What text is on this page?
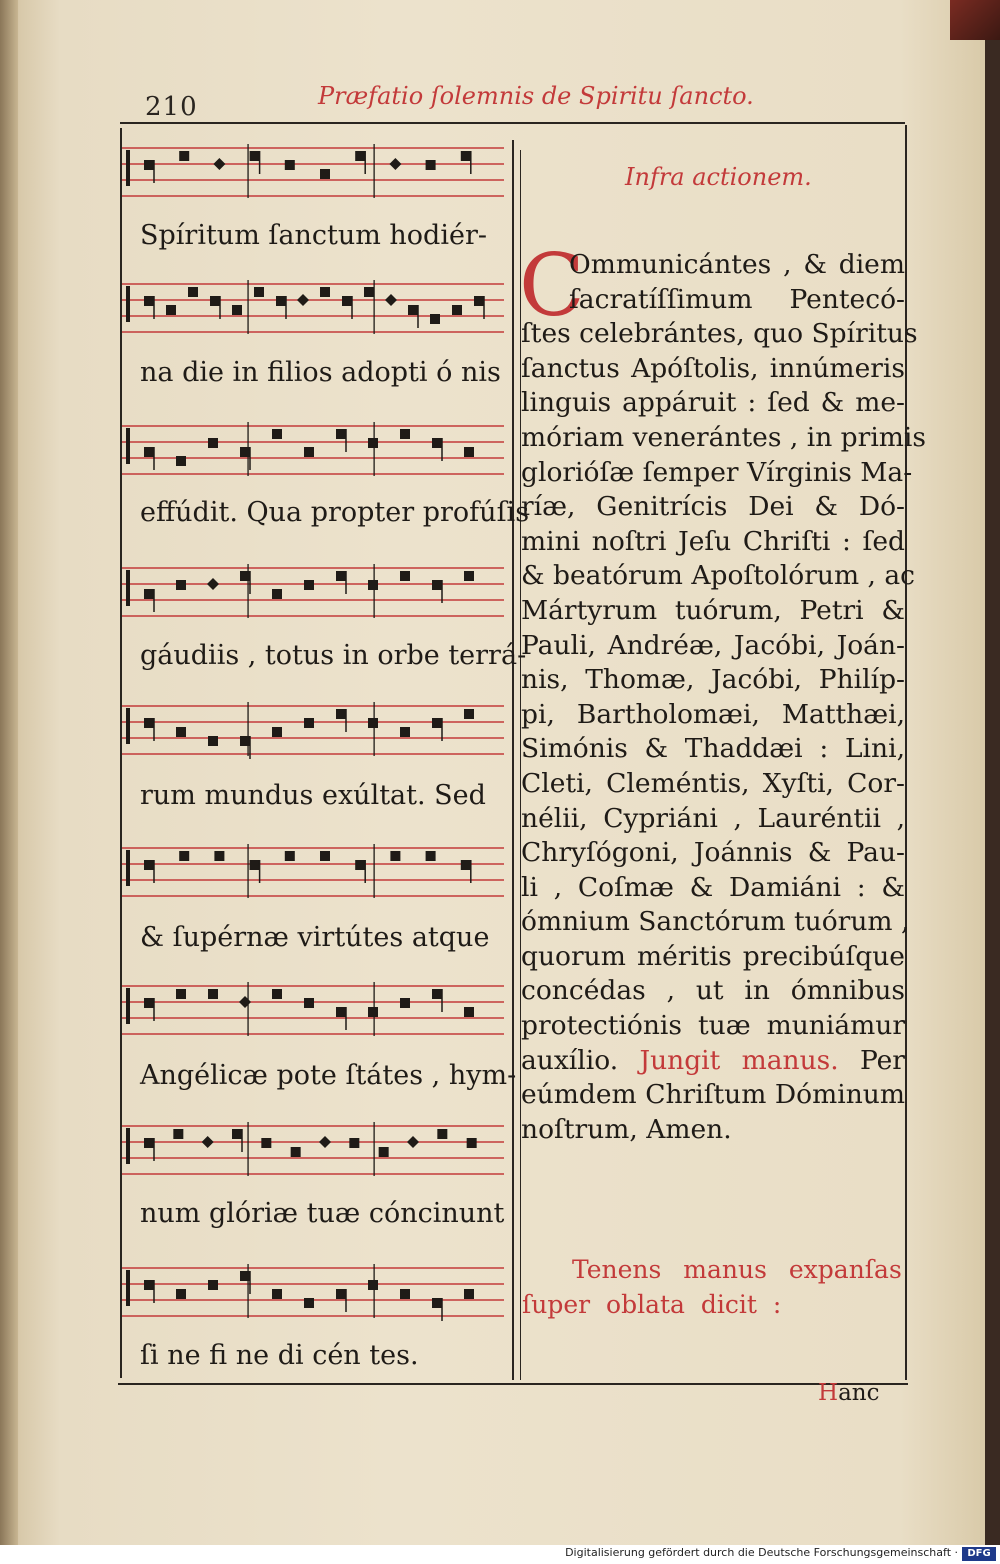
210	Præfatio ſolemnis de Spiritu ſancto.
Spíritum ſanctum hodiér-
na die in filios adopti ó nis
effúdit. Qua propter profúſis
gáudiis , totus in orbe terrá-
rum mundus exúltat. Sed
& ſupérnæ virtútes atque
Angélicæ pote ſtátes , hym-
num glóriæ tuæ cóncinunt
ſi ne fi ne di cén tes.
Infra actionem.
C
Ommunicántes , & diem
ſacratíſſimum Pentecó-
ſtes celebrántes, quo Spíritus
ſanctus Apóſtolis, innúmeris
linguis appáruit : ſed & me-
móriam venerántes , in primis
glorióſæ ſemper Vírginis Ma-
ríæ, Genitrícis Dei & Dó-
mini noſtri Jeſu Chriſti : ſed
& beatórum Apoſtolórum , ac
Mártyrum tuórum, Petri &
Pauli, Andréæ, Jacóbi, Joán-
nis, Thomæ, Jacóbi, Philíp-
pi, Bartholomæi, Matthæi,
Simónis & Thaddæi : Lini,
Cleti, Cleméntis, Xyſti, Cor-
nélii, Cypriáni , Lauréntii ,
Chryſógoni, Joánnis & Pau-
li , Coſmæ & Damiáni : &
ómnium Sanctórum tuórum ,
quorum méritis precibúſque
concédas , ut in ómnibus
protectiónis tuæ muniámur
auxílio. Jungit manus. Per
eúmdem Chriſtum Dóminum
noſtrum, Amen.
Tenens manus expanſas
ſuper oblata dicit :
Hanc
Digitalisierung gefördert durch die Deutsche Forschungsgemeinschaft · DFG
